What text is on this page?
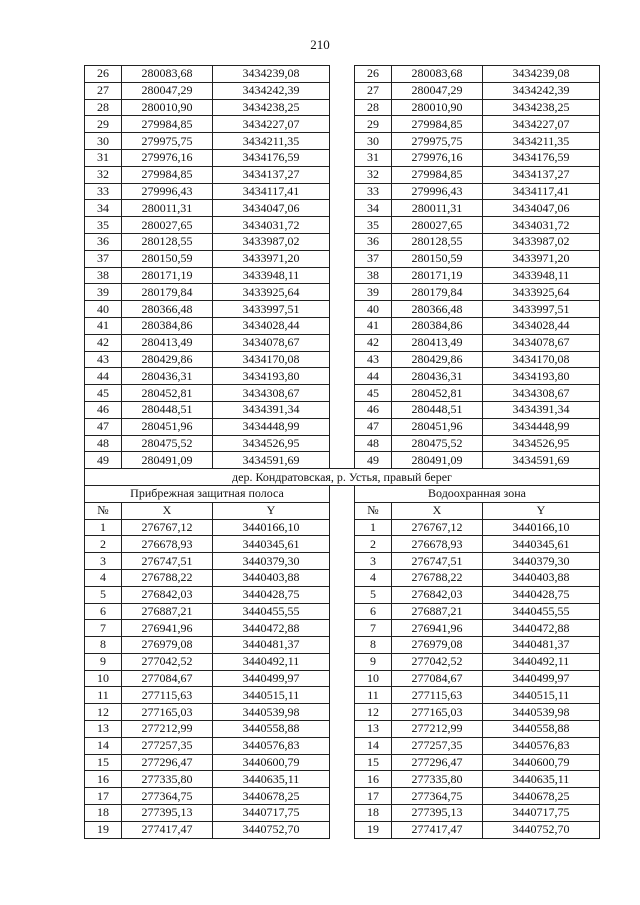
210
26	280083,68	3434239,08		26	280083,68	3434239,08
27	280047,29	3434242,39		27	280047,29	3434242,39
28	280010,90	3434238,25		28	280010,90	3434238,25
29	279984,85	3434227,07		29	279984,85	3434227,07
30	279975,75	3434211,35		30	279975,75	3434211,35
31	279976,16	3434176,59		31	279976,16	3434176,59
32	279984,85	3434137,27		32	279984,85	3434137,27
33	279996,43	3434117,41		33	279996,43	3434117,41
34	280011,31	3434047,06		34	280011,31	3434047,06
35	280027,65	3434031,72		35	280027,65	3434031,72
36	280128,55	3433987,02		36	280128,55	3433987,02
37	280150,59	3433971,20		37	280150,59	3433971,20
38	280171,19	3433948,11		38	280171,19	3433948,11
39	280179,84	3433925,64		39	280179,84	3433925,64
40	280366,48	3433997,51		40	280366,48	3433997,51
41	280384,86	3434028,44		41	280384,86	3434028,44
42	280413,49	3434078,67		42	280413,49	3434078,67
43	280429,86	3434170,08		43	280429,86	3434170,08
44	280436,31	3434193,80		44	280436,31	3434193,80
45	280452,81	3434308,67		45	280452,81	3434308,67
46	280448,51	3434391,34		46	280448,51	3434391,34
47	280451,96	3434448,99		47	280451,96	3434448,99
48	280475,52	3434526,95		48	280475,52	3434526,95
49	280491,09	3434591,69		49	280491,09	3434591,69
дер. Кондратовская, р. Устья, правый берег						
Прибрежная защитная полоса				Водоохранная зона		
№	X	Y		№	X	Y
1	276767,12	3440166,10		1	276767,12	3440166,10
2	276678,93	3440345,61		2	276678,93	3440345,61
3	276747,51	3440379,30		3	276747,51	3440379,30
4	276788,22	3440403,88		4	276788,22	3440403,88
5	276842,03	3440428,75		5	276842,03	3440428,75
6	276887,21	3440455,55		6	276887,21	3440455,55
7	276941,96	3440472,88		7	276941,96	3440472,88
8	276979,08	3440481,37		8	276979,08	3440481,37
9	277042,52	3440492,11		9	277042,52	3440492,11
10	277084,67	3440499,97		10	277084,67	3440499,97
11	277115,63	3440515,11		11	277115,63	3440515,11
12	277165,03	3440539,98		12	277165,03	3440539,98
13	277212,99	3440558,88		13	277212,99	3440558,88
14	277257,35	3440576,83		14	277257,35	3440576,83
15	277296,47	3440600,79		15	277296,47	3440600,79
16	277335,80	3440635,11		16	277335,80	3440635,11
17	277364,75	3440678,25		17	277364,75	3440678,25
18	277395,13	3440717,75		18	277395,13	3440717,75
19	277417,47	3440752,70		19	277417,47	3440752,70
